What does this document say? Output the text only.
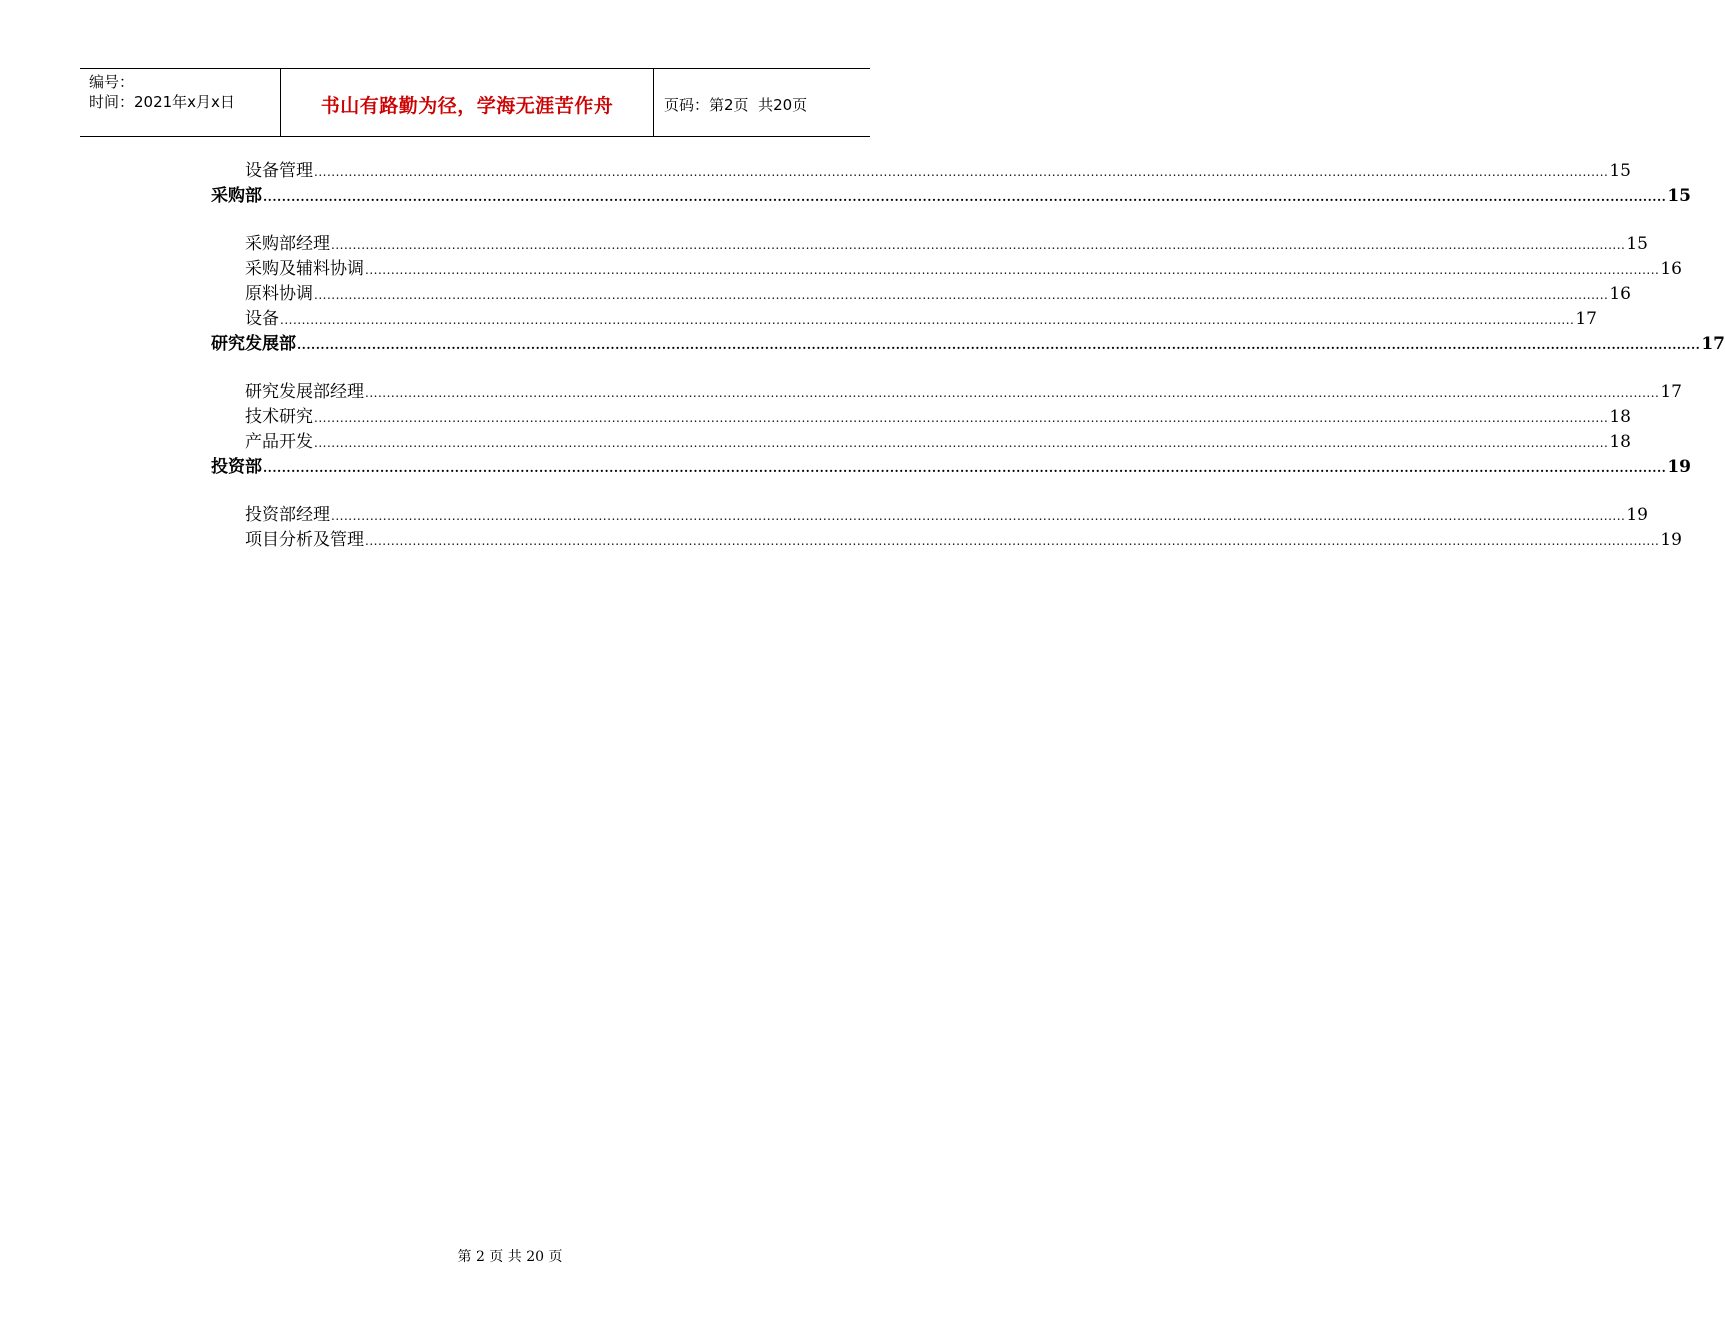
编号：
时间：2021年x月x日	书山有路勤为径，学海无涯苦作舟	页码：第2页  共20页
设备管理 ............................................................................................................................................................................................................................................................................................................ 15
采购部 ............................................................................................................................................................................................................................................................................................................ 15
采购部经理 ............................................................................................................................................................................................................................................................................................................ 15
采购及辅料协调 ............................................................................................................................................................................................................................................................................................................ 16
原料协调 ............................................................................................................................................................................................................................................................................................................ 16
设备 ............................................................................................................................................................................................................................................................................................................ 17
研究发展部 ............................................................................................................................................................................................................................................................................................................ 17
研究发展部经理 ............................................................................................................................................................................................................................................................................................................ 17
技术研究 ............................................................................................................................................................................................................................................................................................................ 18
产品开发 ............................................................................................................................................................................................................................................................................................................ 18
投资部 ............................................................................................................................................................................................................................................................................................................ 19
投资部经理 ............................................................................................................................................................................................................................................................................................................ 19
项目分析及管理 ............................................................................................................................................................................................................................................................................................................ 19
第 2 页 共 20 页
